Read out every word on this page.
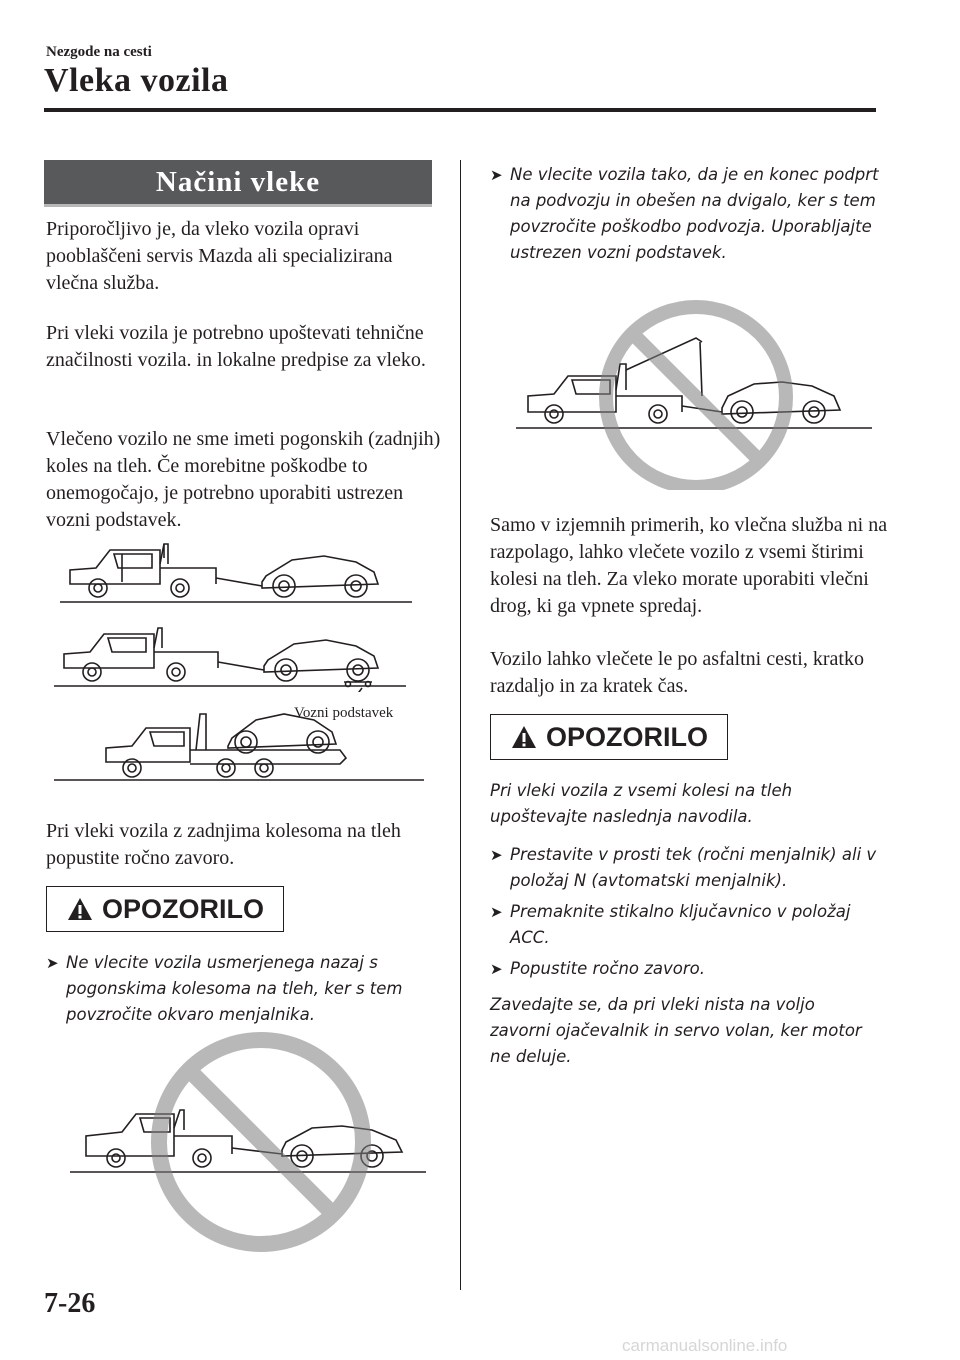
Nezgode na cesti
Vleka vozila
Načini vleke

Priporočljivo je, da vleko vozila opravi pooblaščeni servis Mazda ali specializirana vlečna služba.

Pri vleki vozila je potrebno upoštevati tehnične značilnosti vozila. in lokalne predpise za vleko.

Vlečeno vozilo ne sme imeti pogonskih (zadnjih) koles na tleh. Če morebitne poškodbe to onemogočajo, je potrebno uporabiti ustrezen vozni podstavek.

Vozni podstavek

Pri vleki vozila z zadnjima kolesoma na tleh popustite ročno zavoro.

OPOZORILO
➤ Ne vlecite vozila usmerjenega nazaj s pogonskima kolesoma na tleh, ker s tem povzročite okvaro menjalnika.
➤ Ne vlecite vozila tako, da je en konec podprt na podvozju in obešen na dvigalo, ker s tem povzročite poškodbo podvozja. Uporabljajte ustrezen vozni podstavek.

Samo v izjemnih primerih, ko vlečna služba ni na razpolago, lahko vlečete vozilo z vsemi štirimi kolesi na tleh. Za vleko morate uporabiti vlečni drog, ki ga vpnete spredaj.

Vozilo lahko vlečete le po asfaltni cesti, kratko razdaljo in za kratek čas.

OPOZORILO

Pri vleki vozila z vsemi kolesi na tleh upoštevajte naslednja navodila.

➤ Prestavite v prosti tek (ročni menjalnik) ali v položaj N (avtomatski menjalnik).
➤ Premaknite stikalno ključavnico v položaj ACC.
➤ Popustite ročno zavoro.

Zavedajte se, da pri vleki nista na voljo zavorni ojačevalnik in servo volan, ker motor ne deluje.

7-26
carmanualsonline.info
